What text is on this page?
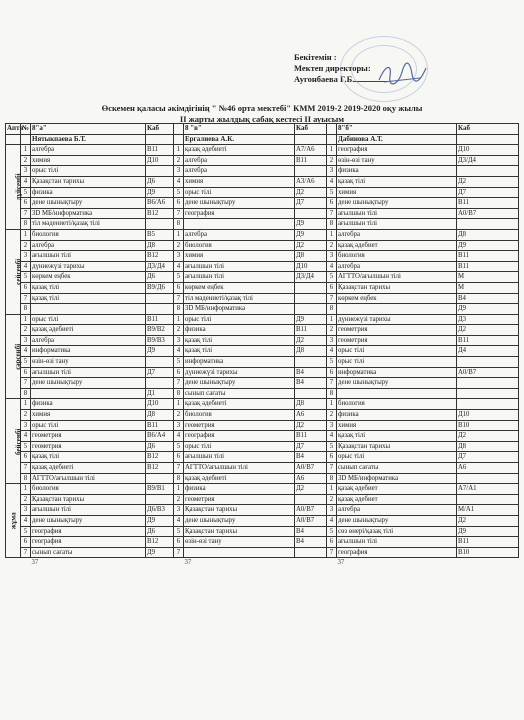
Бекітемін :
Мектеп директоры:
Аугонбаева Г.Б.
Өскемен қаласы әкімдігінің " №46 орта мектебі" КММ 2019-2 2019-2020 оқу жылы
II жарты жылдық сабақ кестесі II ауысым
Апта	№	8"а"	Каб		8 "в"	Каб		8"б"	Каб
		Нятыкпаева Б.Т.			Ергалиева А.К.			Дабинова А.Т.	
дүйсенбі	1	алгебра	В11	1	қазақ әдебиеті	А7/А6	1	география	Д10
	2	химия	Д10	2	алгебра	В11	2	өзін-өзі тану	Д3/Д4
	3	орыс тілі		3	алгебра		3	физика	
	4	Қазақстан тарихы	Д6	4	химия	А3/А6	4	қазақ тілі	Д2
	5	физика	Д9	5	орыс тілі	Д2	5	химия	Д7
	6	дене шынықтыру	В6/А6	6	дене шынықтыру	Д7	6	дене шынықтыру	В11
	7	3D МБ/информатика	В12	7	география		7	ағылшын тілі	А0/В7
	8	тіл мәдениеті/қазақ тілі		8		Д9	8	ағылшын тілі	
сейсенбі	1	биология	В5	1	алгебра	Д9	1	алгебра	Д8
	2	алгебра	Д8	2	биология	Д2	2	қазақ әдебиет	Д9
	3	ағылшын тілі	В12	3	химия	Д8	3	биология	В11
	4	дүниежүзі тарихы	Д3/Д4	4	ағылшын тілі	Д10	4	алгебра	В11
	5	көркем еңбек	Д6	5	ағылшын тілі	Д3/Д4	5	АГТТО/ағылшын тілі	М
	6	қазақ тілі	В9/Д6	6	көркем еңбек		6	Қазақстан тарихы	М
	7	қазақ тілі		7	тіл мәдениеті/қазақ тілі		7	көркем еңбек	В4
	8			8	3D МБ/информатика		8		Д9
сәрсенбі	1	орыс тілі	В11	1	орыс тілі	Д9	1	дүниежүзі тарихы	Д3
	2	қазақ әдебиеті	В9/В2	2	физика	В11	2	геометрия	Д2
	3	алгебра	В9/В3	3	қазақ тілі	Д2	3	геометрия	В11
	4	информатика	Д9	4	қазақ тілі	Д8	4	орыс тілі	Д4
	5	өзін-өзі тану		5	информатика		5	орыс тілі	
	6	ағылшын тілі	Д7	6	дүниежүзі тарихы	В4	6	информатика	А0/В7
	7	дене шынықтыру		7	дене шынықтыру	В4	7	дене шынықтыру	
	8		Д1	8	сынып сағаты		8		
бейсенбі	1	физика	Д10	1	қазақ әдебиеті	Д8	1	биология	
	2	химия	Д8	2	биология	А6	2	физика	Д10
	3	орыс тілі	В11	3	геометрия	Д2	3	химия	В10
	4	геометрия	В6/А4	4	география	В11	4	қазақ тілі	Д2
	5	геометрия	Д6	5	орыс тілі	Д7	5	Қазақстан тарихы	Д8
	6	қазақ тілі	В12	6	ағылшын тілі	В4	6	орыс тілі	Д7
	7	қазақ әдебиеті	В12	7	АГТТО/ағылшын тілі	А0/В7	7	сынып сағаты	А6
	8	АГТТО/ағылшын тілі		8	қазақ әдебиеті	А6	8	3D МБ/информатика	
жұма	1	биология	В9/В1	1	физика	Д2	1	қазақ әдебиет	А7/А1
	2	Қазақстан тарихы		2	геометрия		2	қазақ әдебиет	
	3	ағылшын тілі	Д6/В3	3	Қазақстан тарихы	А0/В7	3	алгебра	М/А1
	4	дене шынықтыру	Д9	4	дене шынықтыру	А0/В7	4	дене шынықтыру	Д2
	5	география	Д6	5	Қазақстан тарихы	В4	5	сөз өнері/қазақ тілі	Д9
	6	география	В12	6	өзін-өзі тану	В4	6	ағылшын тілі	В11
	7	сынып сағаты	Д9	7			7	география	В10
		37			37			37	
